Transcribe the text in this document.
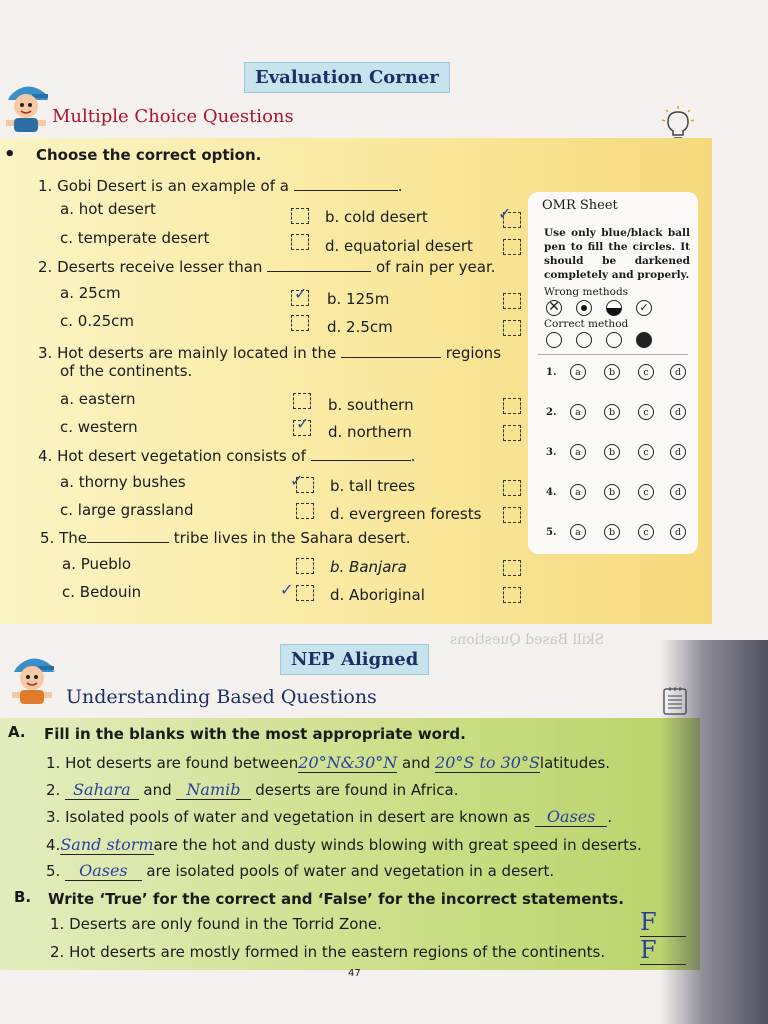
Evaluation Corner
Multiple Choice Questions
• Choose the correct option.
1. Gobi Desert is an example of a	.
a. hot desert	b. cold desert	✓
c. temperate desert	d. equatorial desert
2. Deserts receive lesser than	of rain per year.
a. 25cm	✓ b. 125m
c. 0.25cm	d. 2.5cm
3. Hot deserts are mainly located in the	regions
of the continents.
a. eastern	b. southern
c. western	✓ d. northern
4. Hot desert vegetation consists of	.
a. thorny bushes	✓ b. tall trees
c. large grassland	d. evergreen forests
5. The	tribe lives in the Sahara desert.
a. Pueblo	b. Banjara
c. Bedouin	✓ d. Aboriginal
OMR Sheet
Use only blue/black ball pen to fill the circles. It should be darkened completely and properly.
Wrong methods
✕	✓
Correct method
1.	a	b	c	d
2.	a	b	c	d
3.	a	b	c	d
4.	a	b	c	d
5.	a	b	c	d
Skill Based Questions
NEP Aligned
Understanding Based Questions
A. Fill in the blanks with the most appropriate word.
1. Hot deserts are found between20°N&30°N and 20°S to 30°Slatitudes.
2. Sahara and Namib deserts are found in Africa.
3. Isolated pools of water and vegetation in desert are known as Oases .
4.Sand stormare the hot and dusty winds blowing with great speed in deserts.
5. Oases are isolated pools of water and vegetation in a desert.
B. Write ‘True’ for the correct and ‘False’ for the incorrect statements.
1. Deserts are only found in the Torrid Zone.	F
2. Hot deserts are mostly formed in the eastern regions of the continents. F
47
